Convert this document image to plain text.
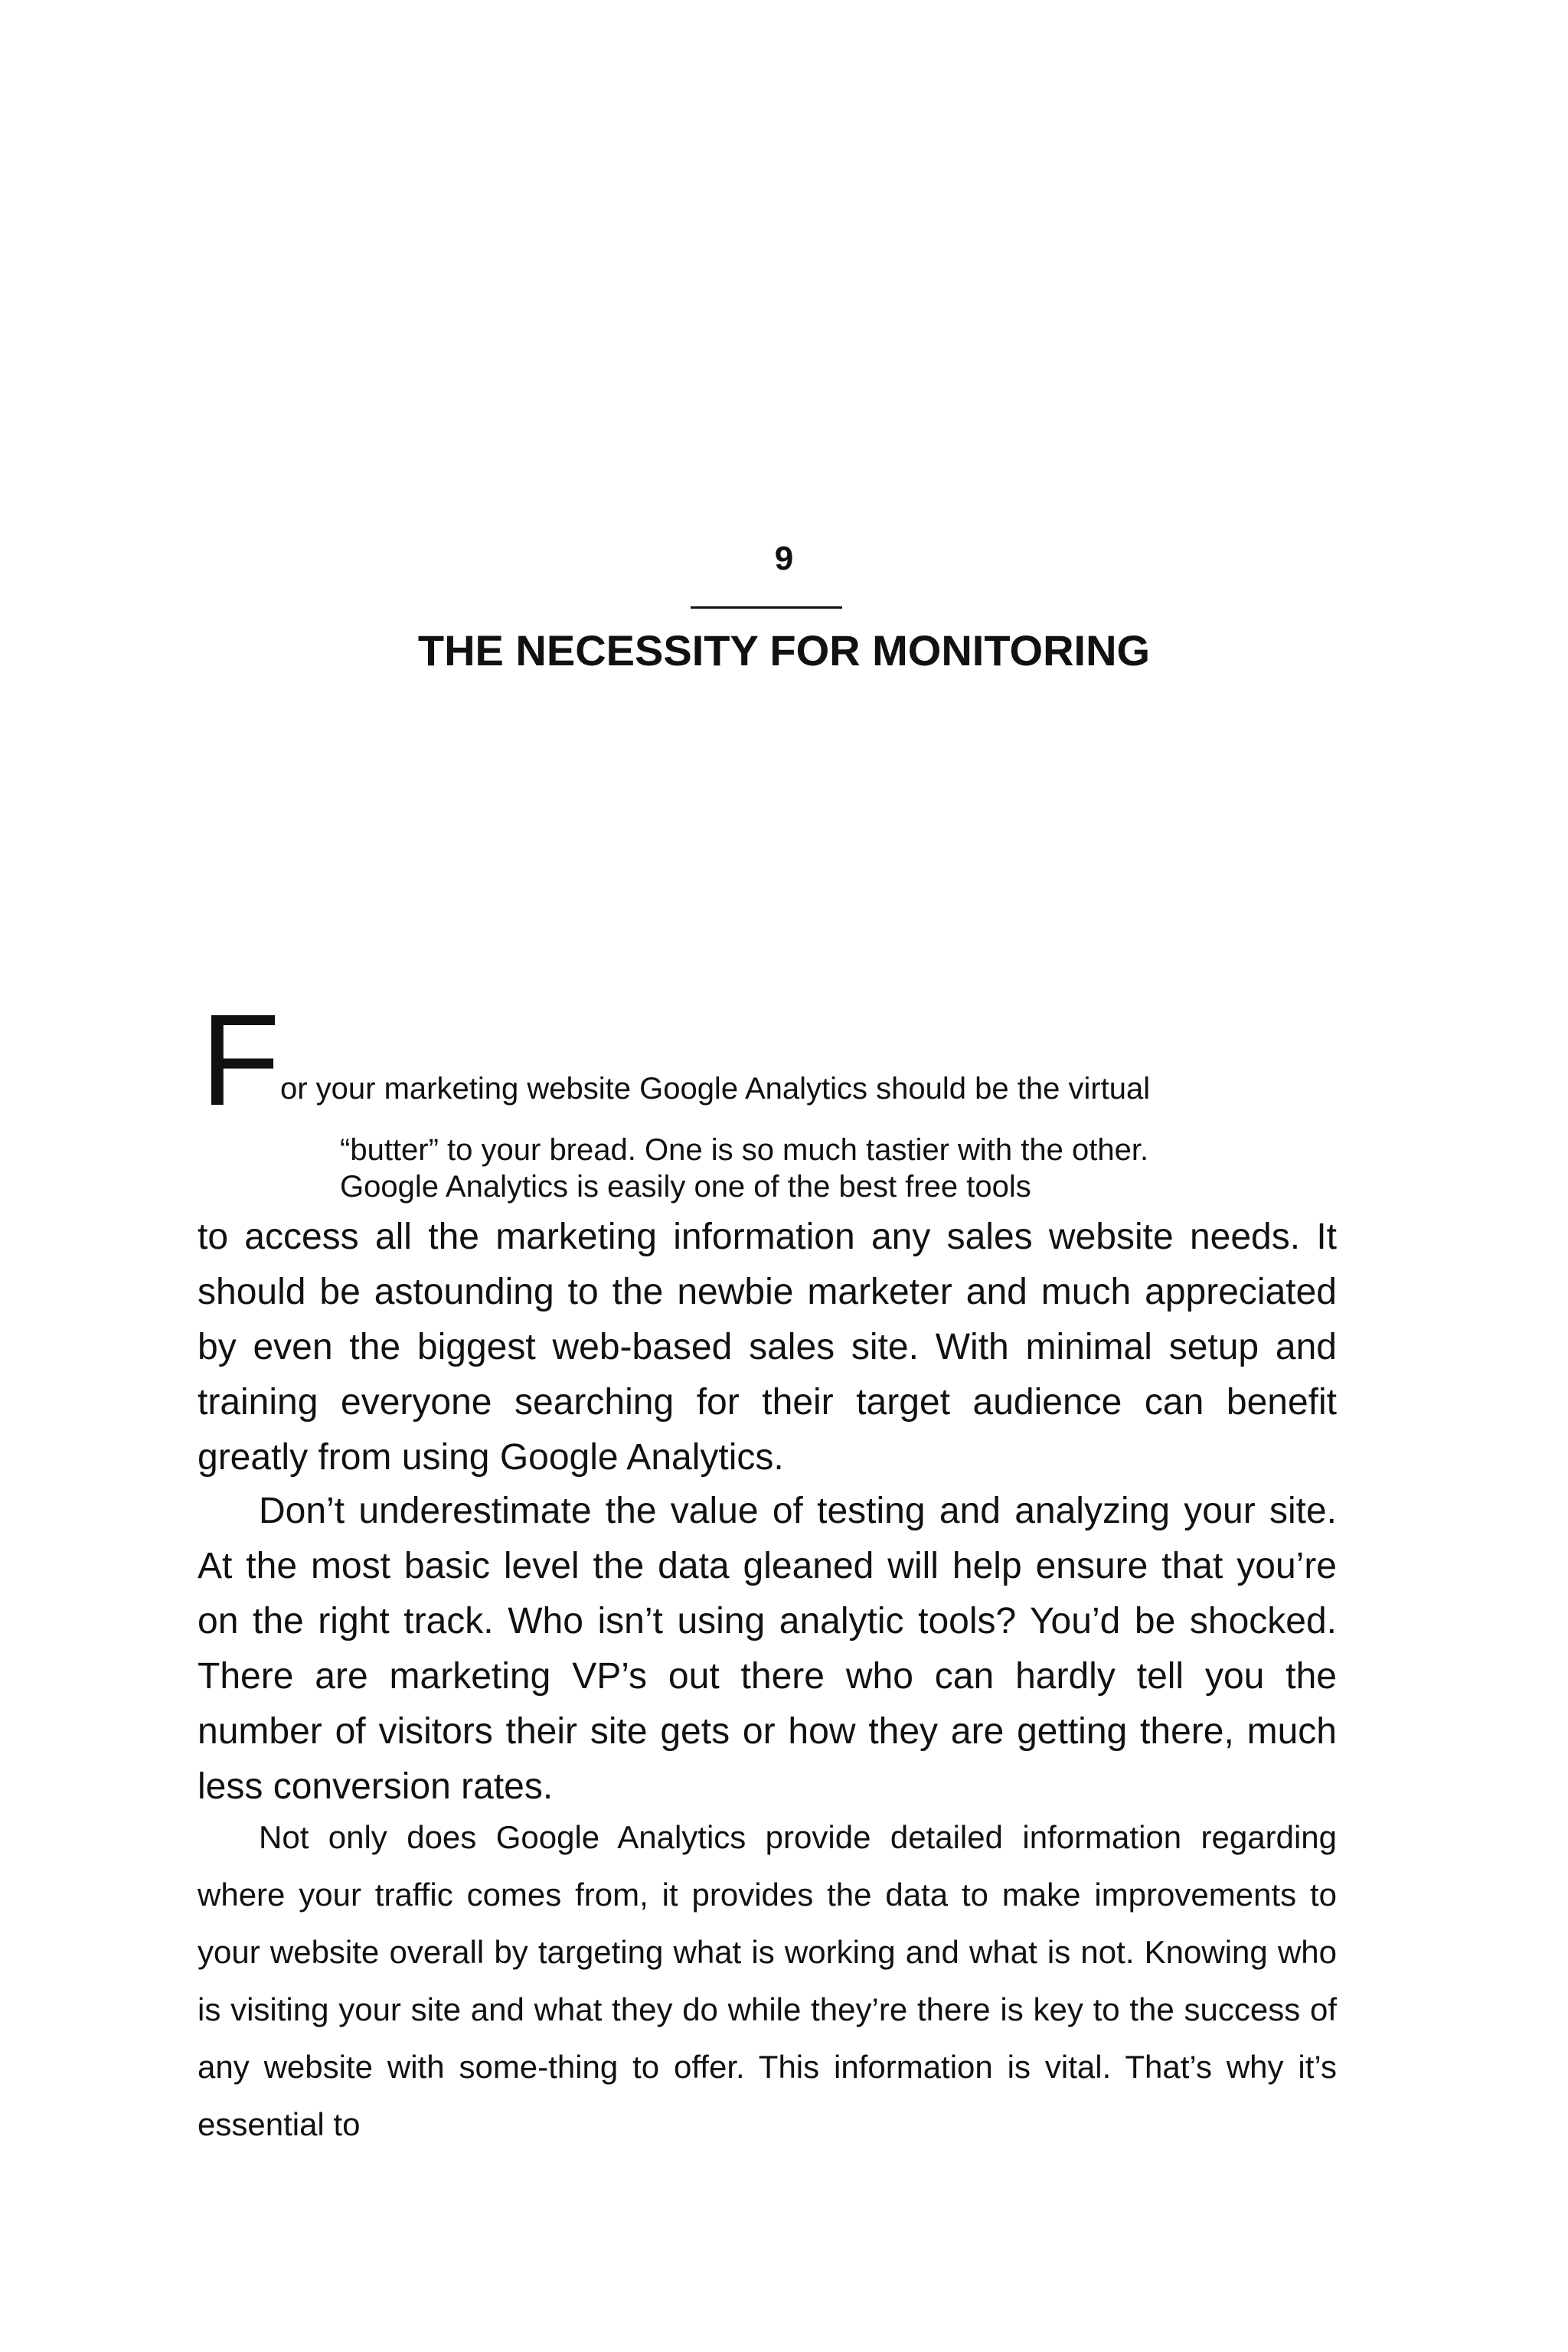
9
THE NECESSITY FOR MONITORING
F or your marketing website Google Analytics should be the virtual
“butter” to your bread. One is so much tastier with the other.
Google Analytics is easily one of the best free tools

to access all the marketing information any sales website needs. It should be astounding to the newbie marketer and much appreciated by even the biggest web-based sales site. With minimal setup and training everyone searching for their target audience can benefit greatly from using Google Analytics.

Don’t underestimate the value of testing and analyzing your site. At the most basic level the data gleaned will help ensure that you’re on the right track. Who isn’t using analytic tools? You’d be shocked. There are marketing VP’s out there who can hardly tell you the number of visitors their site gets or how they are getting there, much less conversion rates.

Not only does Google Analytics provide detailed information regarding where your traffic comes from, it provides the data to make improvements to your website overall by targeting what is working and what is not. Knowing who is visiting your site and what they do while they’re there is key to the success of any website with some-thing to offer. This information is vital. That’s why it’s essential to
